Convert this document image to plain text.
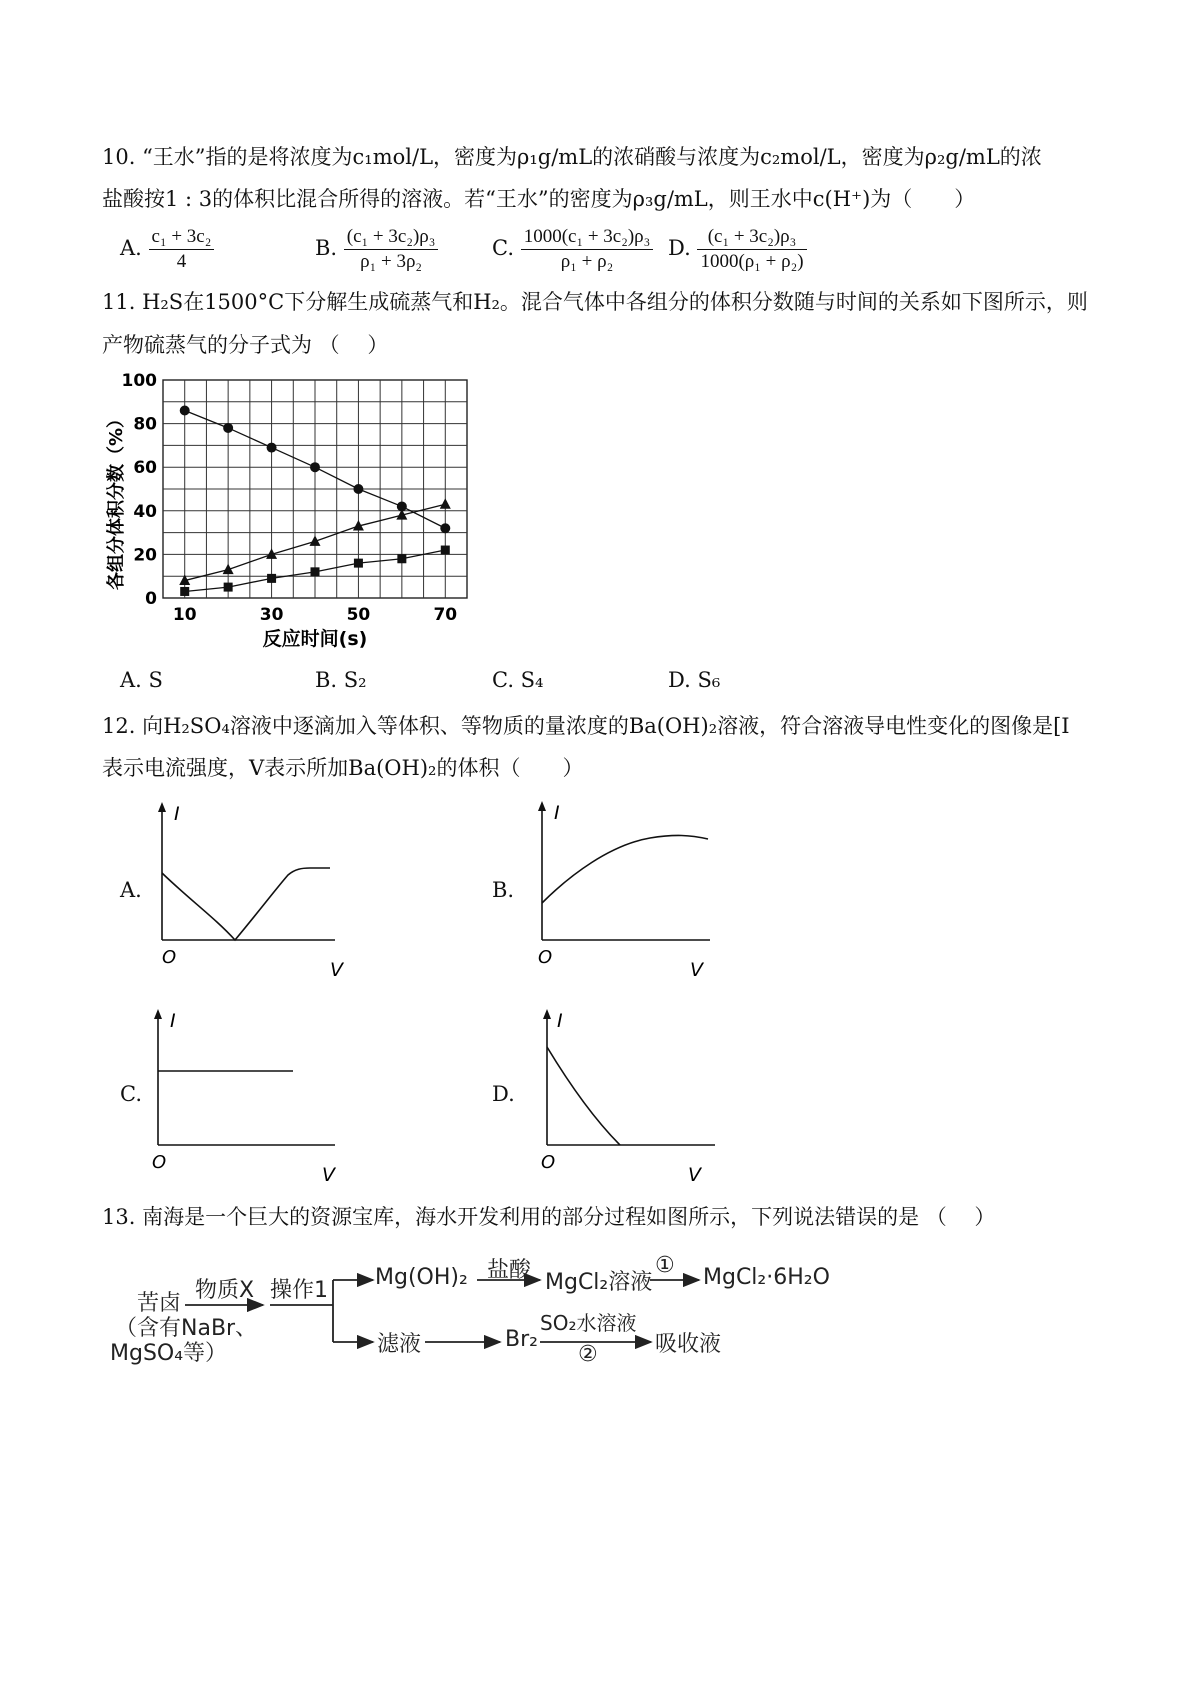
10. “王水”指的是将浓度为c₁mol/L，密度为ρ₁g/mL的浓硝酸与浓度为c₂mol/L，密度为ρ₂g/mL的浓
盐酸按1 : 3的体积比混合所得的溶液。若“王水”的密度为ρ₃g/mL，则王水中c(H⁺)为（　　）
A. $\frac{\text{c₁ + 3c₂}}{4}$	B. $\frac{\text{(c₁ + 3c₂)ρ₃}}{\text{ρ₁ + 3ρ₂}}$	C. $\frac{\text{1000(c₁ + 3c₂)ρ₃}}{\text{ρ₁ + ρ₂}} D$. $\frac{\text{(c₁ + 3c₂)ρ₃}}{\text{1000(ρ₁ + ρ₂)}}$
11. H₂S在1500°C下分解生成硫蒸气和H₂。混合气体中各组分的体积分数随与时间的关系如下图所示，则
产物硫蒸气的分子式为 （　 ）
0
20
40
60
80
100
10	30	50	70
反应时间(s)
各组分体积分数（%）
A. S	B. S₂	C. S₄	D. S₆
12. 向H₂SO₄溶液中逐滴加入等体积、等物质的量浓度的Ba(OH)₂溶液，符合溶液导电性变化的图像是[I
表示电流强度，V表示所加Ba(OH)₂的体积（　　）
A.
I
O
V
B.
I
O
V
C.
I
O
V
D.
I
O
V
13. 南海是一个巨大的资源宝库，海水开发利用的部分过程如图所示，下列说法错误的是 （　 ）
苦卤
（含有NaBr、
MgSO₄等）
物质X 操作1
Mg(OH)₂ 盐酸 MgCl₂溶液
① MgCl₂·6H₂O
滤液	Br₂
SO₂水溶液
②	吸收液
